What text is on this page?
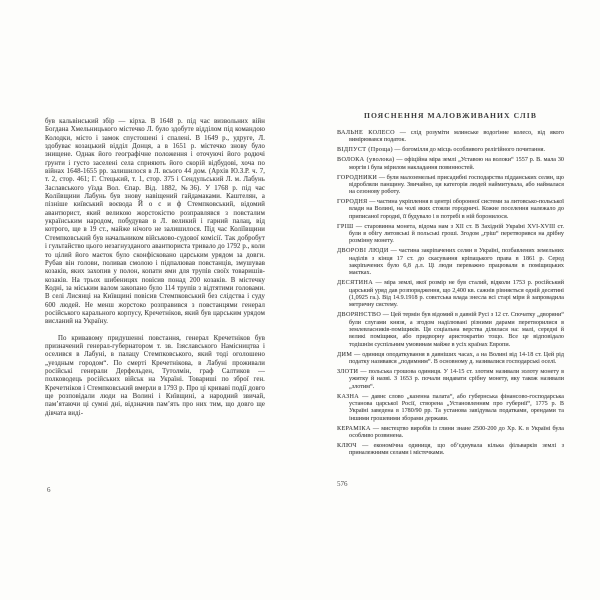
був кальвінський збір — кірха. В 1648 р. під час визвольних війн Богдана Хмельницького містечко Л. було здобуте відділом під командою Колодки, місто і замок спустошені і спалені. В 1649 р., удруге, Л. здобуває козацький відділ Донця, а в 1651 р. містечко знову було знищене. Однак його географічне положення і оточуючі його родючі ґрунти і густо заселені села сприяють його скорій відбудові, хоча по війнах 1648-1655 рр. залишилося в Л. всього 44 дом. (Архів Ю.З.Р. ч. 7, т. 2, стор. 461; Г. Стецький, т. 1, стор. 375 і Сендульський Л. м. Лабунь Заславського уїзда Вол. Єпар. Від. 1882, №36). У 1768 р. під час Коліївщини Лабунь був знову навіщений гайдамаками. Каштелян, а пізніше київський воєвода Й о с и ф Стемпковський, відомий авантюрист, який великою жорстокістю розправлявся з повсталим українським народом, побудував в Л. великий і гарний палац, від котрого, ще в 19 ст., майже нічого не залишилося. Під час Коліївщини Стемпковський був начальником військово-судової комісії. Так добробут і гультайство цього незагнузданого авантюриста тривало до 1792 р., коли то цілий його маєток було сконфісковано царським урядом за довги. Рубав він голови, поливав смолою і підпалював повстанців, змушував козаків, яких захопив у полон, копати ями для трупів своїх товаришів-козаків. На трьох шибеницях повісив понад 200 козаків. В містечку Кодні, за міським валом закопано було 114 трупів з відтятими головами. В селі Лисянці на Київщині повісив Стемпковський без слідства і суду 600 людей. Не менш жорстоко розправився з повстанцями генерал російського карального корпусу, Кречетніков, який був царським урядом висланий на Україну.

По кривавому придушенні повстання, генерал Кречетніков був призначений генерал-губернатором т. зв. Ізяславського Намісництва і оселився в Лабуні, в палацу Стемпковського, який тоді оголошено „уездным городом“. По смерті Кречетнікова, в Лабуні проживали російські генерали Дерфельден, Тутолмін, граф Салтиков — полководець російських військ на Україні. Товариші по зброї ген. Кречетніков і Стемпковський вмерли в 1793 р. Про ці криваві події довго ще розповідали люди на Волині і Київщині, а народний звичай, пам’ятаючи ці сумні дні, відзначив пам’ять про них тим, що довго ще дівчата виді-

6
ПОЯСНЕННЯ МАЛОВЖИВАНИХ СЛІВ

ВАЛЬНЕ КОЛЕСО — слід розуміти млинське водогінне колесо, від якого вимірювався податок.

ВІДПУСТ (Проща) — богомілля до місць особливого релігійного почитання.

ВОЛОКА (уволока) — офіційна міра землі „Уставою на волоки“ 1557 р. В. мала 30 моргів і була мірилом накладання повинностей.

ГОРОДНИКИ — були малоземельні присадибні господарства підданських селян, що відробляли панщину. Звичайно, ця категорія людей наймитувала, або наймалася на сезонову роботу.

ГОРОДНЯ — частина укріплення в центрі оборонної системи за литовсько-польської влади на Волині, на чолі яких стояли городничі. Кожне поселення належало до приписаної городні, її будувало і в потребі в ній боронилося.

ГРІШ — старовинна монета, відома нам з XII ст. В Західній Україні XVI-XVIII ст. були в обігу литовські й польські гроші. Згодом „гріш“ перетворився на дрібну розмінну монету.

ДВОРОВІ ЛЮДИ — частина закріпачених селян в Україні, позбавлених земельних наділів з кінця 17 ст. до скасування кріпацького права в 1861 р. Серед закріпачених було 6,8 д.л. Ці люди переважно працювали в поміщицьких маєтках.

ДЕСЯТИНА — міра землі, якої розмір не був сталий, відколи 1753 р. російський царський уряд дав розпорядження, що 2,400 кв. сажнів рівняється одній десятині (1,0925 га.). Від 14.9.1918 р. совєтська влада знесла всі старі міри й запровадила метричну систему.

ДВОРЯНСТВО — Цей термін був відомий в давній Русі з 12 ст. Спочатку „дворяни“ були слугами князя, а згодом наділювані різними дарами перетворилися в землевласників-поміщиків. Ця соціальна верства ділилася на: малі, середні й великі поміщики, або придворну аристократію тощо. Все це відповідало тодішнім суспільним умовинам майже в усіх країнах Европи.

ДИМ — одиниця оподаткування в давніших часах, а на Волині від 14-18 ст. Цей рід податку називався „подимним“. В основному д. називалися господарські оселі.

ЗЛОТИ — польська грошова одиниця. У 14-15 ст. злотим називали золоту монету в ужитку й назві. З 1653 р. почали видавати срібну монету, яку також називали „злотим“.

КАЗНА — давнє слово „казенна палата“, або губернська фінансово-господарська установа царської Росії, створена „Установленням про губернії“, 1775 р. В Україні заведена в 1780/90 рр. Та установа завідувала податками, орендами та іншими грошевими зборами держави.

КЕРАМІКА — мистецтво виробів із глини знане 2500-200 до Хр. К. в Україні була особливо розвинена.

КЛЮЧ — економічна одиниця, що об’єднувала кілька фільварків землі з приналежними селами і містечками.

576
